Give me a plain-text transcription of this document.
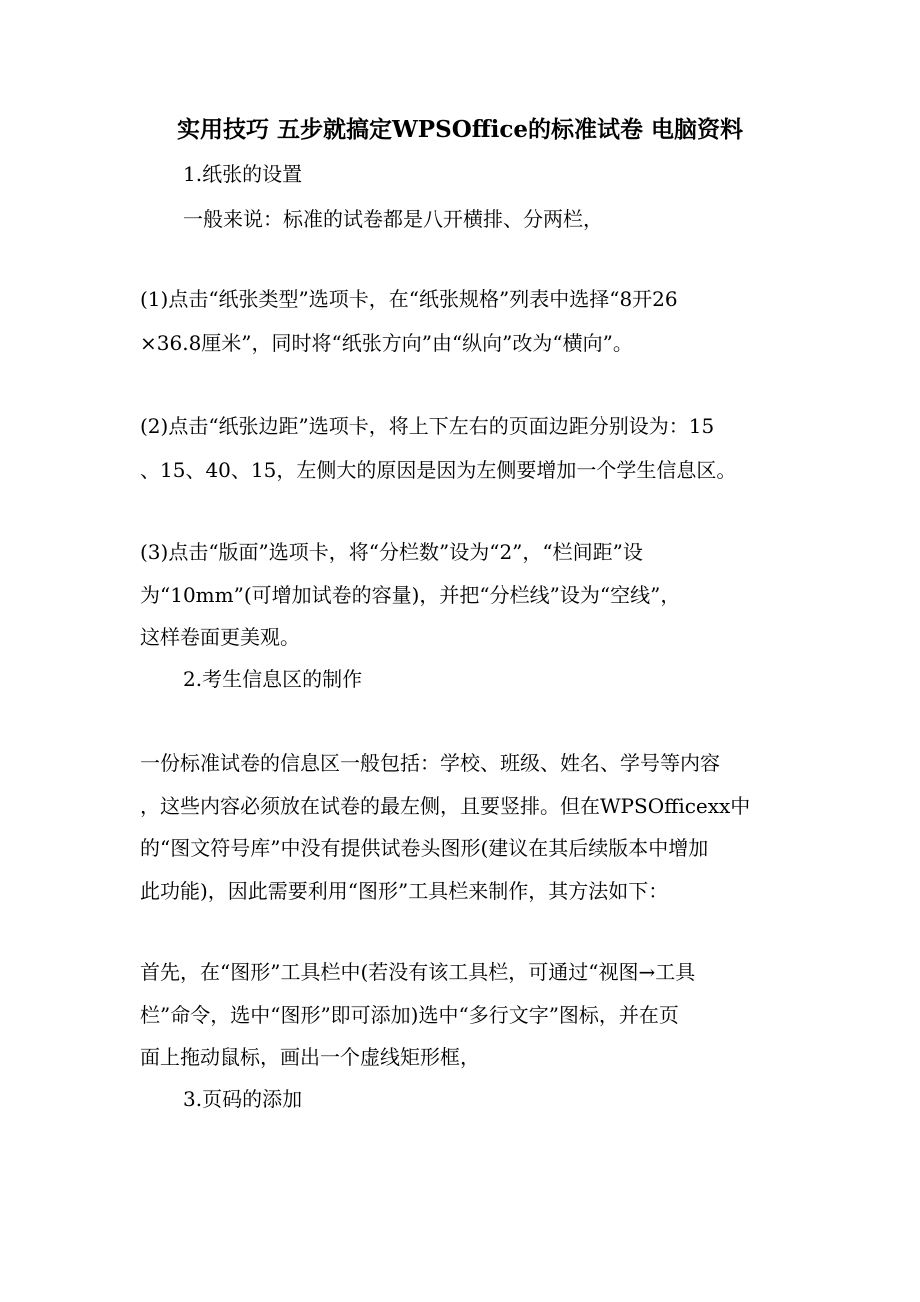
实用技巧 五步就搞定WPSOffice的标准试卷 电脑资料
1.纸张的设置
一般来说：标准的试卷都是八开横排、分两栏，
(1)点击“纸张类型”选项卡，在“纸张规格”列表中选择“8开26
×36.8厘米”，同时将“纸张方向”由“纵向”改为“横向”。
(2)点击“纸张边距”选项卡，将上下左右的页面边距分别设为：15
、15、40、15，左侧大的原因是因为左侧要增加一个学生信息区。
(3)点击“版面”选项卡，将“分栏数”设为“2”，“栏间距”设
为“10mm”(可增加试卷的容量)，并把“分栏线”设为“空线”，
这样卷面更美观。
2.考生信息区的制作
一份标准试卷的信息区一般包括：学校、班级、姓名、学号等内容
，这些内容必须放在试卷的最左侧，且要竖排。但在WPSOfficexx中
的“图文符号库”中没有提供试卷头图形(建议在其后续版本中增加
此功能)，因此需要利用“图形”工具栏来制作，其方法如下：
首先，在“图形”工具栏中(若没有该工具栏，可通过“视图→工具
栏”命令，选中“图形”即可添加)选中“多行文字”图标，并在页
面上拖动鼠标，画出一个虚线矩形框，
3.页码的添加
